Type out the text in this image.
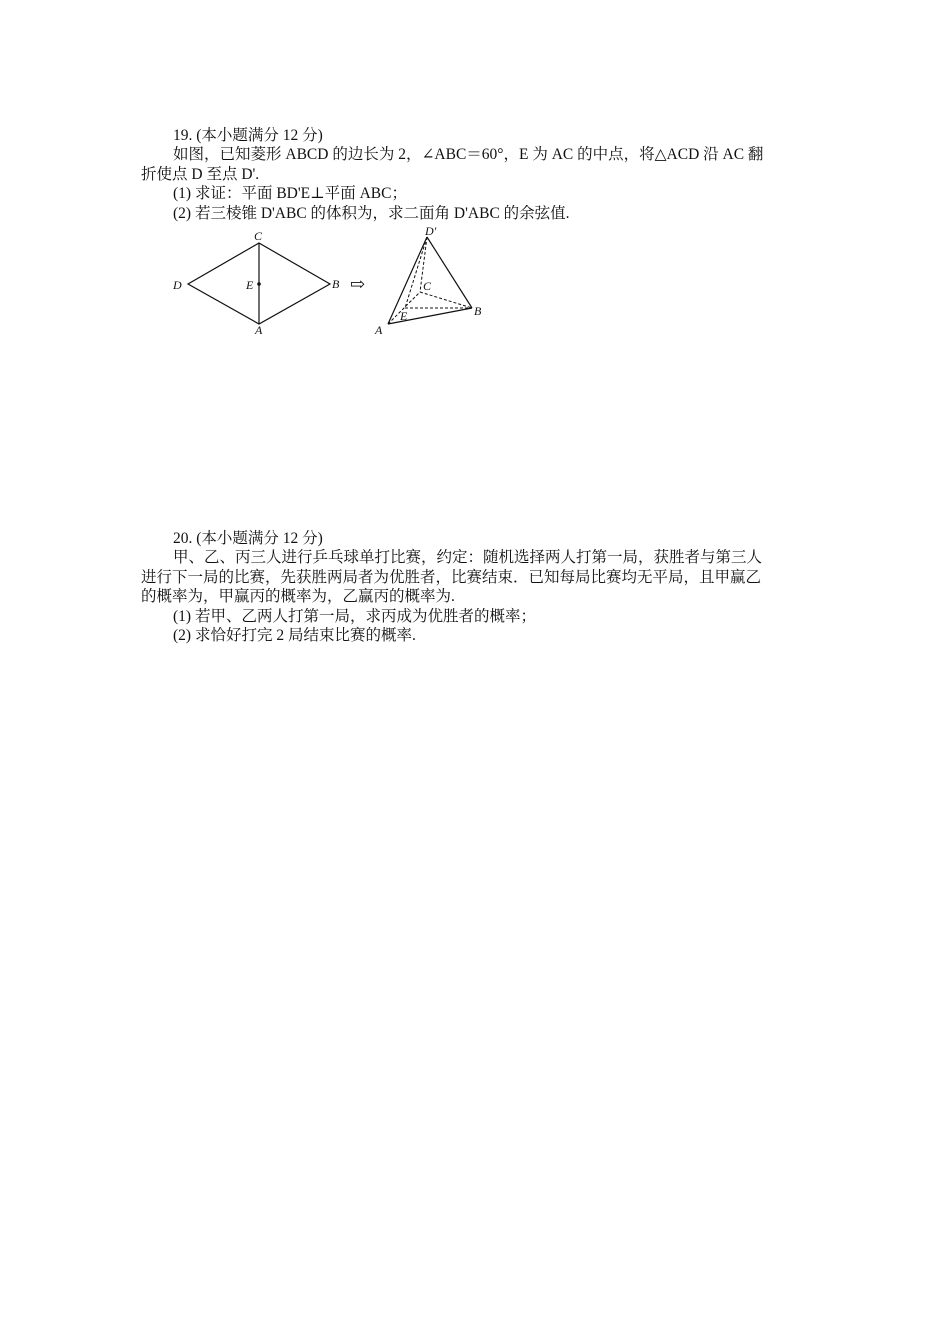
19. (本小题满分 12 分)

如图，已知菱形 ABCD 的边长为 2，∠ABC＝60°，E 为 AC 的中点，将△ACD 沿 AC 翻

折使点 D 至点 D'.

(1) 求证：平面 BD'E⊥平面 ABC；

(2) 若三棱锥 D'ABC 的体积为，求二面角 D'ABC 的余弦值.

C
D	E	B
A
⇨
D′
C
E	B
A

20. (本小题满分 12 分)

甲、乙、丙三人进行乒乓球单打比赛，约定：随机选择两人打第一局，获胜者与第三人

进行下一局的比赛，先获胜两局者为优胜者，比赛结束．已知每局比赛均无平局，且甲赢乙

的概率为，甲赢丙的概率为，乙赢丙的概率为.

(1) 若甲、乙两人打第一局，求丙成为优胜者的概率；

(2) 求恰好打完 2 局结束比赛的概率.
